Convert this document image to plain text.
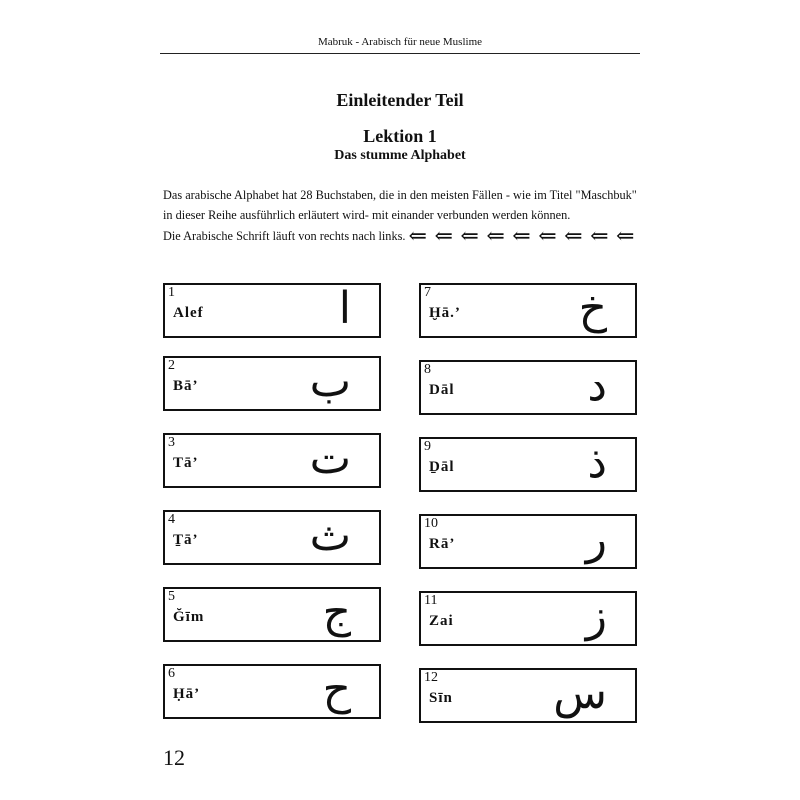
Mabruk - Arabisch für neue Muslime
Einleitender Teil
Lektion 1
Das stumme Alphabet
Das arabische Alphabet hat 28 Buchstaben, die in den meisten Fällen - wie im Titel "Maschbuk" in dieser Reihe ausführlich erläutert wird- mit einander verbunden werden können.
Die Arabische Schrift läuft von rechts nach links. ⇐ ⇐ ⇐ ⇐ ⇐ ⇐ ⇐ ⇐ ⇐
1
Alef	ا
2
Bā’	ب
3
Tā’	ت
4
Ṯā’	ث
5
Ğīm	ج
6
Ḥā’	ح
7
Ḫā.’	خ
8
Dāl	د
9
Ḏāl	ذ
10
Rā’	ر
11
Zai	ز
12
Sīn س
12
